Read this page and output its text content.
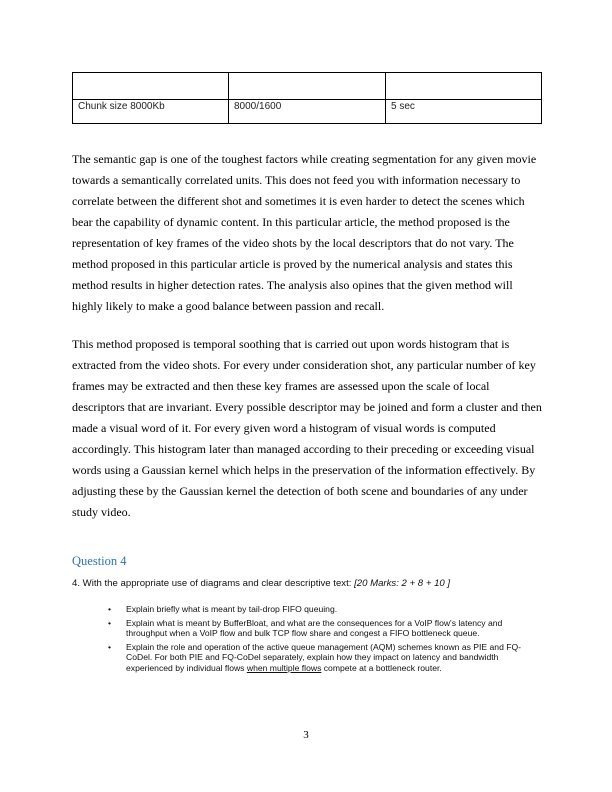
Chunk size 8000Kb	8000/1600	5 sec

The semantic gap is one of the toughest factors while creating segmentation for any given movie towards a semantically correlated units. This does not feed you with information necessary to correlate between the different shot and sometimes it is even harder to detect the scenes which bear the capability of dynamic content. In this particular article, the method proposed is the representation of key frames of the video shots by the local descriptors that do not vary. The method proposed in this particular article is proved by the numerical analysis and states this method results in higher detection rates. The analysis also opines that the given method will highly likely to make a good balance between passion and recall.

This method proposed is temporal soothing that is carried out upon words histogram that is extracted from the video shots. For every under consideration shot, any particular number of key frames may be extracted and then these key frames are assessed upon the scale of local descriptors that are invariant. Every possible descriptor may be joined and form a cluster and then made a visual word of it. For every given word a histogram of visual words is computed accordingly. This histogram later than managed according to their preceding or exceeding visual words using a Gaussian kernel which helps in the preservation of the information effectively. By adjusting these by the Gaussian kernel the detection of both scene and boundaries of any under study video.

Question 4
4. With the appropriate use of diagrams and clear descriptive text: [20 Marks: 2 + 8 + 10 ]
• Explain briefly what is meant by tail-drop FIFO queuing.
• Explain what is meant by BufferBloat, and what are the consequences for a VoIP flow's latency and throughput when a VoIP flow and bulk TCP flow share and congest a FIFO bottleneck queue.
• Explain the role and operation of the active queue management (AQM) schemes known as PIE and FQ-CoDel. For both PIE and FQ-CoDel separately, explain how they impact on latency and bandwidth experienced by individual flows when multiple flows compete at a bottleneck router.
3
